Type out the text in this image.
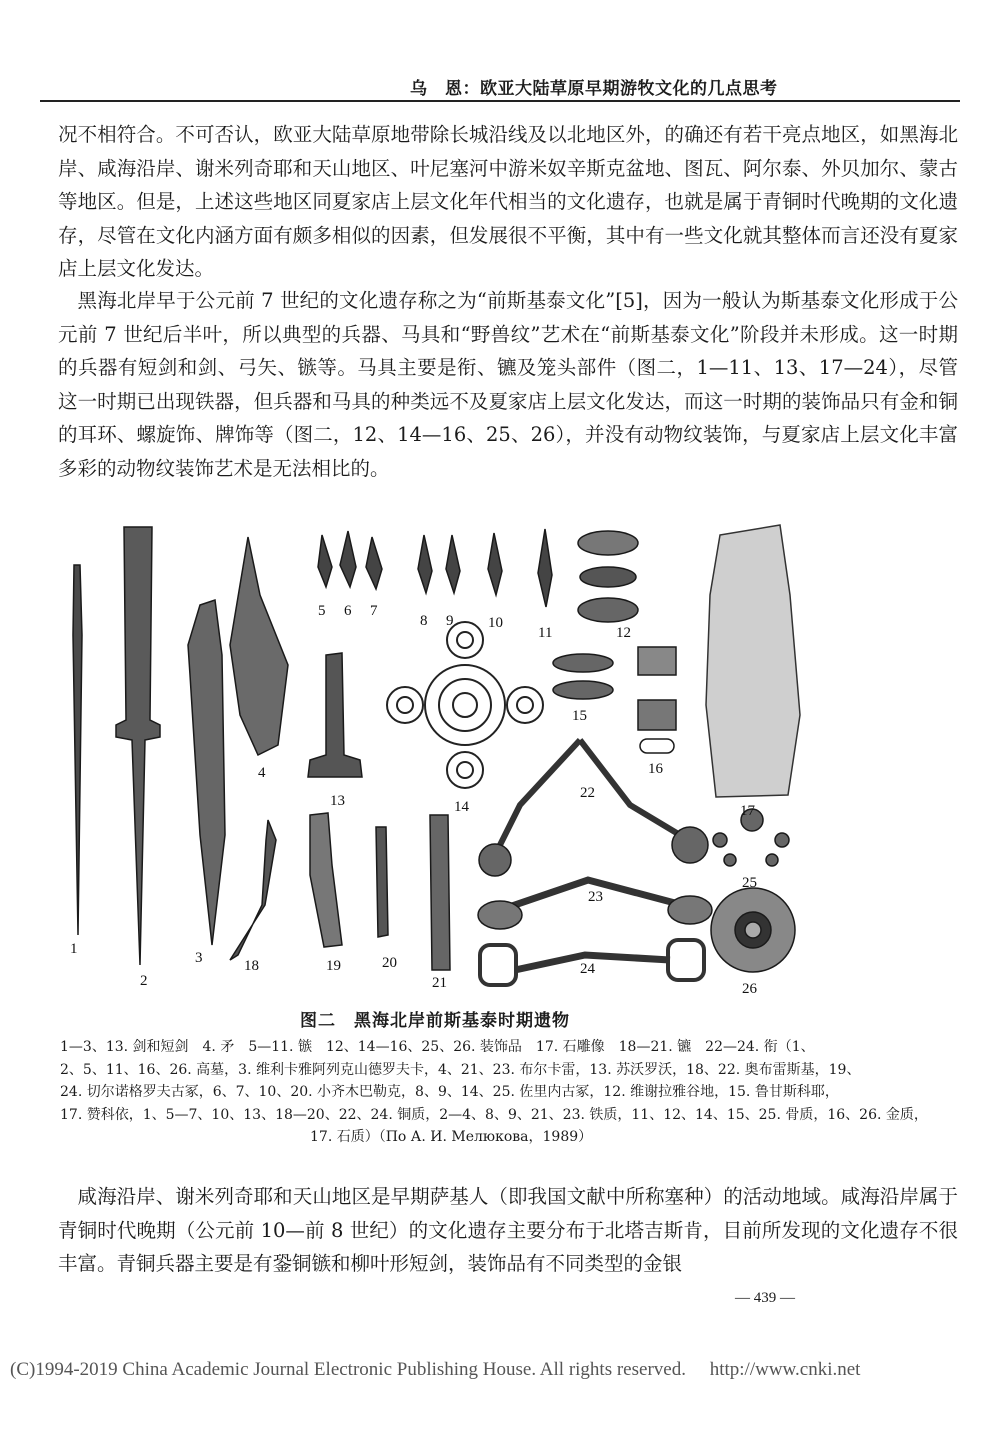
乌　恩：欧亚大陆草原早期游牧文化的几点思考

况不相符合。不可否认，欧亚大陆草原地带除长城沿线及以北地区外，的确还有若干亮点地区，如黑海北岸、咸海沿岸、谢米列奇耶和天山地区、叶尼塞河中游米奴辛斯克盆地、图瓦、阿尔泰、外贝加尔、蒙古等地区。但是，上述这些地区同夏家店上层文化年代相当的文化遗存，也就是属于青铜时代晚期的文化遗存，尽管在文化内涵方面有颇多相似的因素，但发展很不平衡，其中有一些文化就其整体而言还没有夏家店上层文化发达。

黑海北岸早于公元前 7 世纪的文化遗存称之为“前斯基泰文化”[5]，因为一般认为斯基泰文化形成于公元前 7 世纪后半叶，所以典型的兵器、马具和“野兽纹”艺术在“前斯基泰文化”阶段并未形成。这一时期的兵器有短剑和剑、弓矢、镞等。马具主要是衔、镳及笼头部件（图二，1—11、13、17—24），尽管这一时期已出现铁器，但兵器和马具的种类远不及夏家店上层文化发达，而这一时期的装饰品只有金和铜的耳环、螺旋饰、牌饰等（图二，12、14—16、25、26），并没有动物纹装饰，与夏家店上层文化丰富多彩的动物纹装饰艺术是无法相比的。

1
2
3
4
5 6 7
8 9 10
11	12
13	14
15
16
17
18	19	20
21
22
23
24
25
26
图二　黑海北岸前斯基泰时期遗物
1—3、13. 剑和短剑　4. 矛　5—11. 镞　12、14—16、25、26. 装饰品　17. 石雕像　18—21. 镳　22—24. 衔（1、
2、5、11、16、26. 高墓，3. 维利卡雅阿列克山德罗夫卡，4、21、23. 布尔卡雷，13. 苏沃罗沃，18、22. 奥布雷斯基，19、
24. 切尔诺格罗夫古冢，6、7、10、20. 小齐木巴勒克，8、9、14、25. 佐里内古冢，12. 维谢拉雅谷地，15. 鲁甘斯科耶，
17. 赞科依，1、5—7、10、13、18—20、22、24. 铜质，2—4、8、9、21、23. 铁质，11、12、14、15、25. 骨质，16、26. 金质，
17. 石质）（По А. И. Мелюкова，1989）

咸海沿岸、谢米列奇耶和天山地区是早期萨基人（即我国文献中所称塞种）的活动地域。咸海沿岸属于青铜时代晚期（公元前 10—前 8 世纪）的文化遗存主要分布于北塔吉斯肯，目前所发现的文化遗存不很丰富。青铜兵器主要是有銎铜镞和柳叶形短剑，装饰品有不同类型的金银

— 439 —
(C)1994-2019 China Academic Journal Electronic Publishing House. All rights reserved.　 http://www.cnki.net
